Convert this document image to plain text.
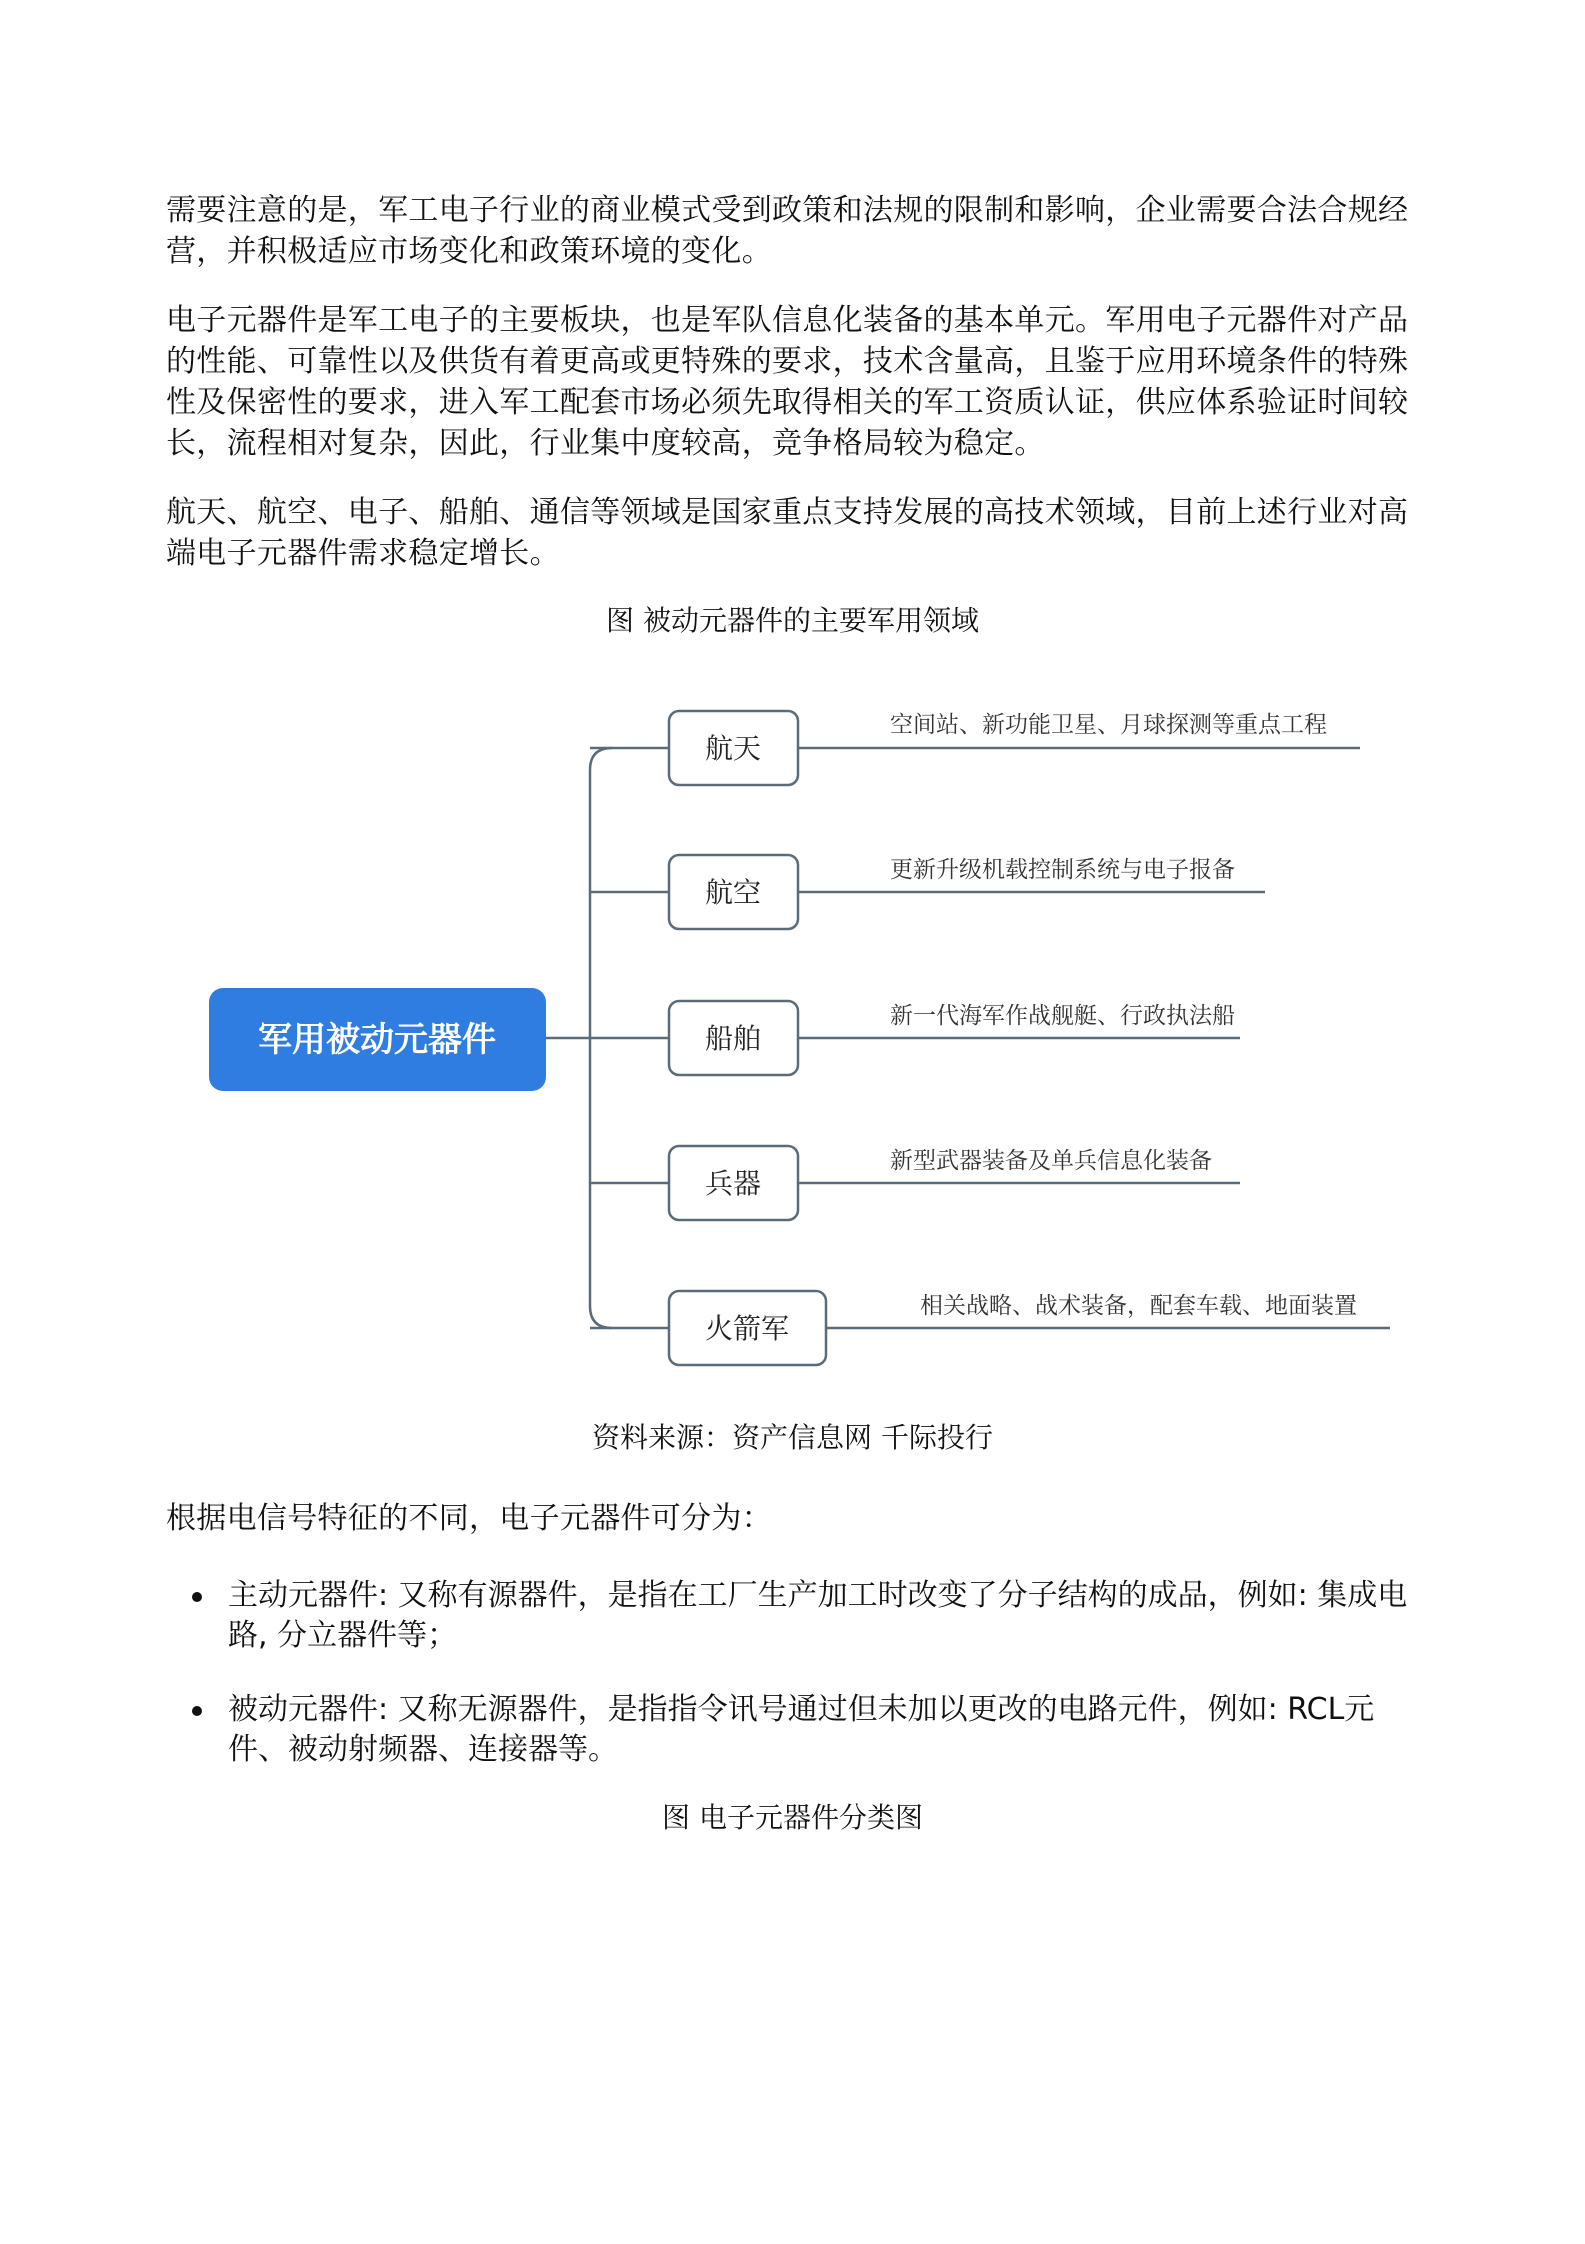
需要注意的是，军工电子行业的商业模式受到政策和法规的限制和影响，企业需要合法合规经营，并积极适应市场变化和政策环境的变化。

电子元器件是军工电子的主要板块，也是军队信息化装备的基本单元。军用电子元器件对产品的性能、可靠性以及供货有着更高或更特殊的要求，技术含量高，且鉴于应用环境条件的特殊性及保密性的要求，进入军工配套市场必须先取得相关的军工资质认证，供应体系验证时间较长，流程相对复杂，因此，行业集中度较高，竞争格局较为稳定。

航天、航空、电子、船舶、通信等领域是国家重点支持发展的高技术领域，目前上述行业对高端电子元器件需求稳定增长。

图 被动元器件的主要军用领域

军用被动元器件
航天
空间站、新功能卫星、月球探测等重点工程
航空
更新升级机载控制系统与电子报备
船舶
新一代海军作战舰艇、行政执法船
兵器
新型武器装备及单兵信息化装备
火箭军
相关战略、战术装备，配套车载、地面装置

资料来源：资产信息网 千际投行

根据电信号特征的不同，电子元器件可分为：

主动元器件: 又称有源器件，是指在工厂生产加工时改变了分子结构的成品，例如: 集成电路, 分立器件等；
被动元器件: 又称无源器件，是指指令讯号通过但未加以更改的电路元件，例如: RCL元件、被动射频器、连接器等。

图 电子元器件分类图
